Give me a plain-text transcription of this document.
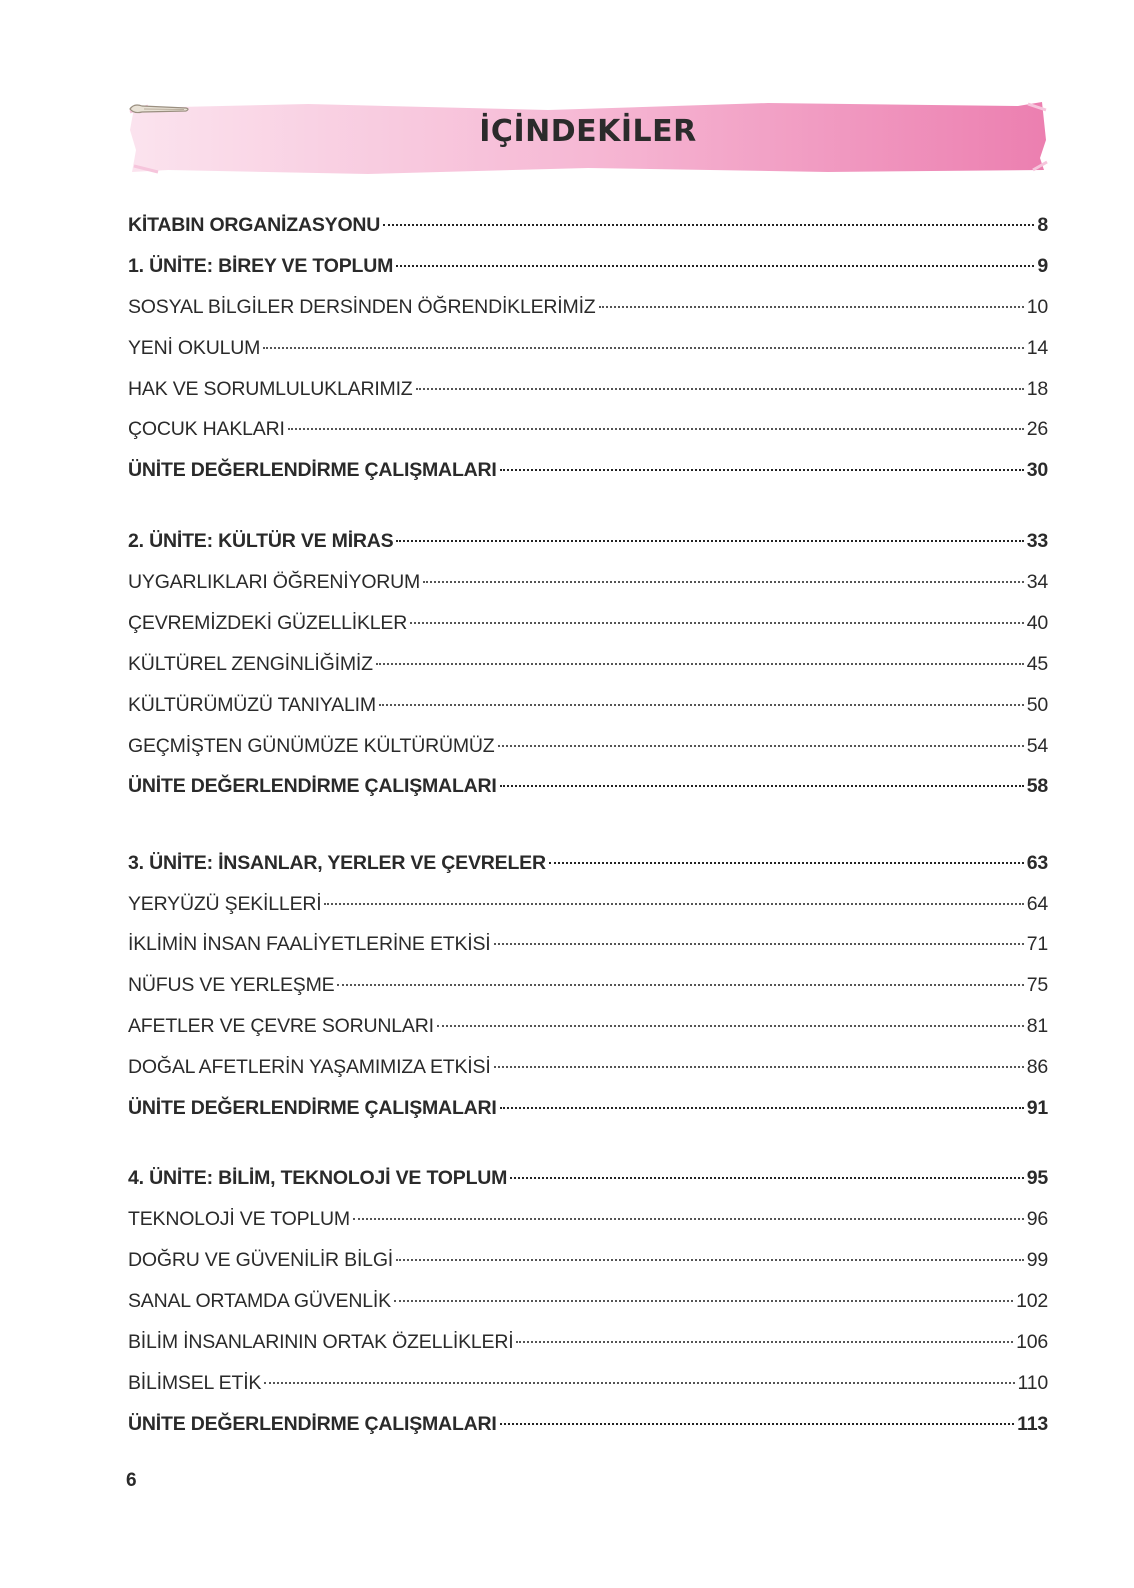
İÇİNDEKİLER
KİTABIN ORGANİZASYONU	8
1. ÜNİTE: BİREY VE TOPLUM	9
SOSYAL BİLGİLER DERSİNDEN ÖĞRENDİKLERİMİZ	10
YENİ OKULUM	14
HAK VE SORUMLULUKLARIMIZ	18
ÇOCUK HAKLARI	26
ÜNİTE DEĞERLENDİRME ÇALIŞMALARI	30
2. ÜNİTE: KÜLTÜR VE MİRAS	33
UYGARLIKLARI ÖĞRENİYORUM	34
ÇEVREMİZDEKİ GÜZELLİKLER	40
KÜLTÜREL ZENGİNLİĞİMİZ	45
KÜLTÜRÜMÜZÜ TANIYALIM	50
GEÇMİŞTEN GÜNÜMÜZE KÜLTÜRÜMÜZ	54
ÜNİTE DEĞERLENDİRME ÇALIŞMALARI	58
3. ÜNİTE: İNSANLAR, YERLER VE ÇEVRELER	63
YERYÜZÜ ŞEKİLLERİ	64
İKLİMİN İNSAN FAALİYETLERİNE ETKİSİ	71
NÜFUS VE YERLEŞME	75
AFETLER VE ÇEVRE SORUNLARI	81
DOĞAL AFETLERİN YAŞAMIMIZA ETKİSİ	86
ÜNİTE DEĞERLENDİRME ÇALIŞMALARI	91
4. ÜNİTE: BİLİM, TEKNOLOJİ VE TOPLUM	95
TEKNOLOJİ VE TOPLUM	96
DOĞRU VE GÜVENİLİR BİLGİ	99
SANAL ORTAMDA GÜVENLİK	102
BİLİM İNSANLARININ ORTAK ÖZELLİKLERİ	106
BİLİMSEL ETİK	110
ÜNİTE DEĞERLENDİRME ÇALIŞMALARI	113
6
